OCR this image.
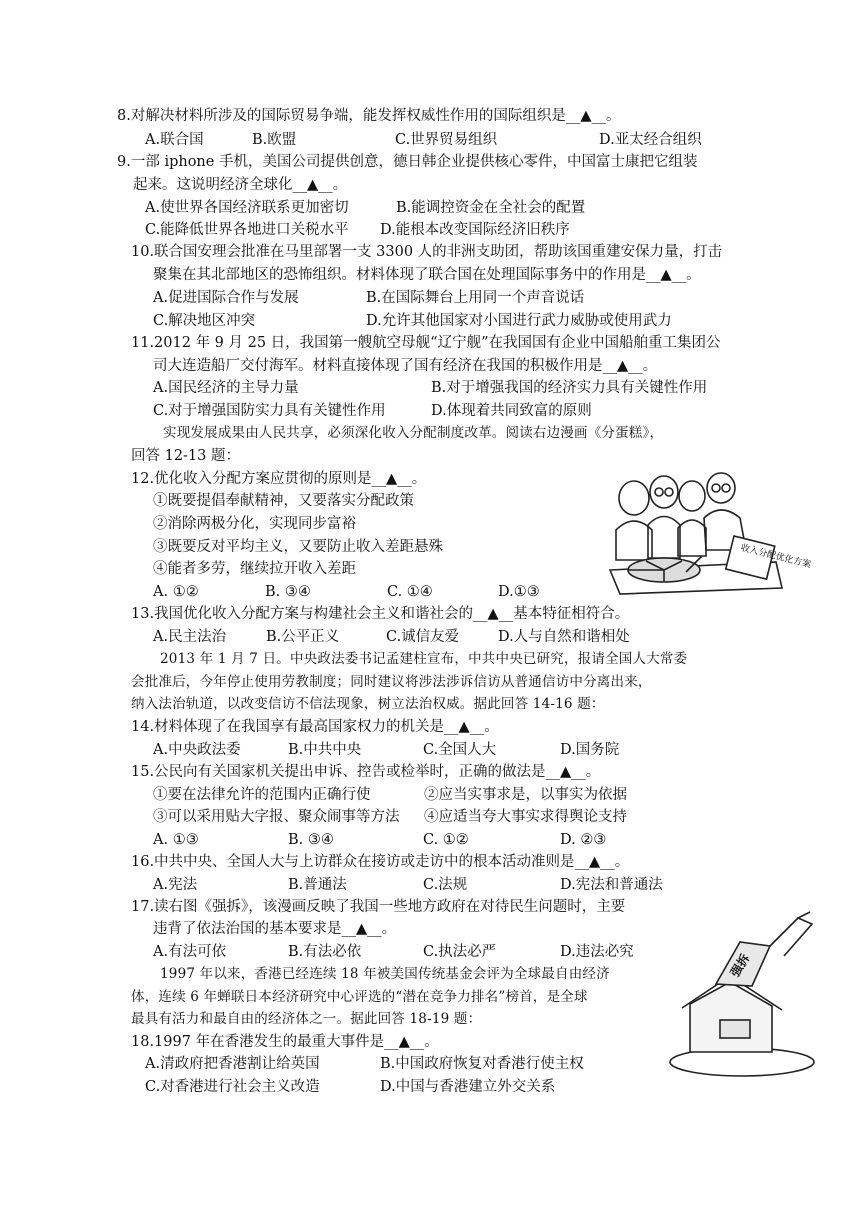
8.对解决材料所涉及的国际贸易争端，能发挥权威性作用的国际组织是__▲__。
A.联合国	B.欧盟	C.世界贸易组织	D.亚太经合组织
9.一部 iphone 手机，美国公司提供创意，德日韩企业提供核心零件，中国富士康把它组装
起来。这说明经济全球化__▲__。
A.使世界各国经济联系更加密切	B.能调控资金在全社会的配置
C.能降低世界各地进口关税水平 D.能根本改变国际经济旧秩序
10.联合国安理会批准在马里部署一支 3300 人的非洲支助团，帮助该国重建安保力量，打击
聚集在其北部地区的恐怖组织。材料体现了联合国在处理国际事务中的作用是__▲__。
A.促进国际合作与发展	B.在国际舞台上用同一个声音说话
C.解决地区冲突	D.允许其他国家对小国进行武力威胁或使用武力
11.2012 年 9 月 25 日，我国第一艘航空母舰“辽宁舰”在我国国有企业中国船舶重工集团公
司大连造船厂交付海军。材料直接体现了国有经济在我国的积极作用是__▲__。
A.国民经济的主导力量	B.对于增强我国的经济实力具有关键性作用
C.对于增强国防实力具有关键性作用	D.体现着共同致富的原则
实现发展成果由人民共享，必须深化收入分配制度改革。阅读右边漫画《分蛋糕》，
回答 12-13 题：
12.优化收入分配方案应贯彻的原则是__▲__。
①既要提倡奉献精神，又要落实分配政策
②消除两极分化，实现同步富裕
③既要反对平均主义，又要防止收入差距悬殊
④能者多劳，继续拉开收入差距
A. ①②	B. ③④	C. ①④	D.①③
13.我国优化收入分配方案与构建社会主义和谐社会的__▲__基本特征相符合。
A.民主法治	B.公平正义	C.诚信友爱	D.人与自然和谐相处
2013 年 1 月 7 日。中央政法委书记孟建柱宣布，中共中央已研究，报请全国人大常委
会批准后，今年停止使用劳教制度；同时建议将涉法涉诉信访从普通信访中分离出来，
纳入法治轨道，以改变信访不信法现象，树立法治权威。据此回答 14-16 题：
14.材料体现了在我国享有最高国家权力的机关是__▲__。
A.中央政法委	B.中共中央	C.全国人大	D.国务院
15.公民向有关国家机关提出申诉、控告或检举时，正确的做法是__▲__。
①要在法律允许的范围内正确行使	②应当实事求是，以事实为依据
③可以采用贴大字报、聚众闹事等方法 ④应适当夸大事实求得舆论支持
A. ①③	B. ③④	C. ①②	D. ②③
16.中共中央、全国人大与上访群众在接访或走访中的根本活动准则是__▲__。
A.宪法	B.普通法	C.法规	D.宪法和普通法
17.读右图《强拆》，该漫画反映了我国一些地方政府在对待民生问题时，主要
违背了依法治国的基本要求是__▲__。
A.有法可依	B.有法必依	C.执法必严	D.违法必究
1997 年以来，香港已经连续 18 年被美国传统基金会评为全球最自由经济
体，连续 6 年蝉联日本经济研究中心评选的“潜在竞争力排名”榜首，是全球
最具有活力和最自由的经济体之一。据此回答 18-19 题：
18.1997 年在香港发生的最重大事件是__▲__。
A.清政府把香港割让给英国	B.中国政府恢复对香港行使主权
C.对香港进行社会主义改造	D.中国与香港建立外交关系
收入分配优化方案
强拆
